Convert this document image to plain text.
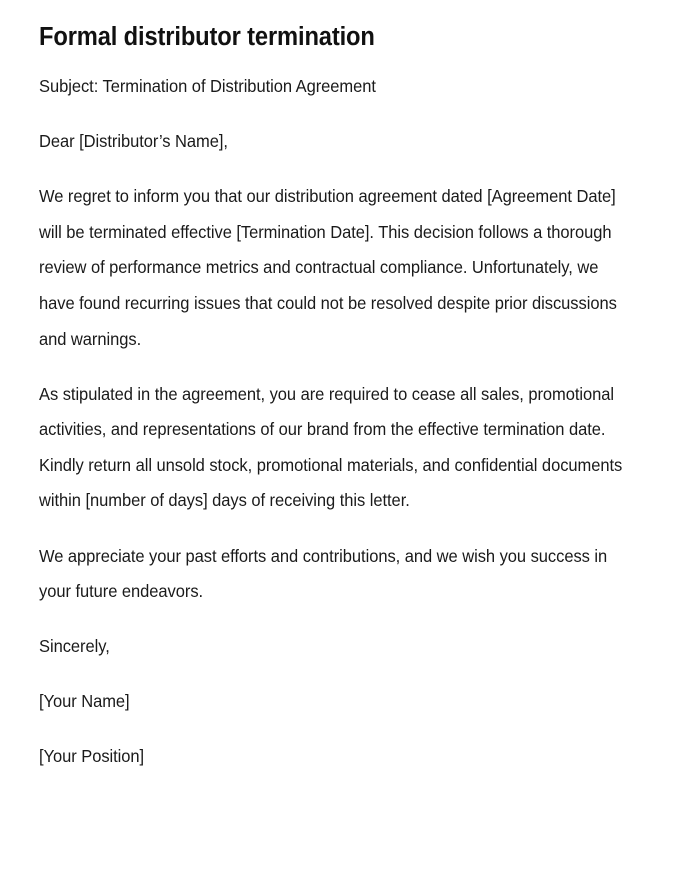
Formal distributor termination

Subject: Termination of Distribution Agreement

Dear [Distributor’s Name],

We regret to inform you that our distribution agreement dated [Agreement Date] will be terminated effective [Termination Date]. This decision follows a thorough review of performance metrics and contractual compliance. Unfortunately, we have found recurring issues that could not be resolved despite prior discussions and warnings.

As stipulated in the agreement, you are required to cease all sales, promotional activities, and representations of our brand from the effective termination date. Kindly return all unsold stock, promotional materials, and confidential documents within [number of days] days of receiving this letter.

We appreciate your past efforts and contributions, and we wish you success in your future endeavors.

Sincerely,

[Your Name]

[Your Position]
